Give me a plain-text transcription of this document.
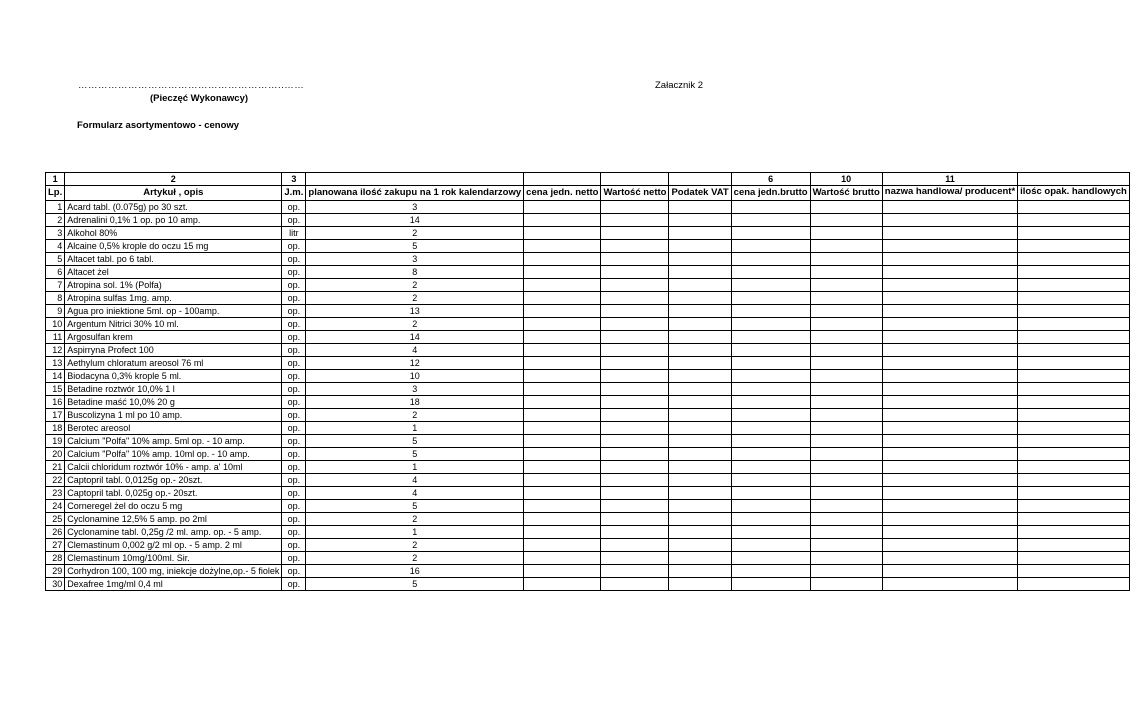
……………………………………………………..……
(Pieczęć Wykonawcy)
Załacznik 2
Formularz asortymentowo - cenowy
1	2	3					6	10	11	
Lp.	Artykuł , opis	J.m.	planowana ilość zakupu na 1 rok kalendarzowy	cena jedn. netto	Wartość netto	Podatek VAT	cena jedn.brutto	Wartość brutto	nazwa handlowa/ producent*	ilośc opak. handlowych
1	Acard tabl. (0.075g) po 30 szt.	op.	3							
2	Adrenalini 0,1% 1 op. po 10 amp.	op.	14							
3	Alkohol 80%	litr	2							
4	Alcaine 0,5% krople do oczu 15 mg	op.	5							
5	Altacet tabl. po 6 tabl.	op.	3							
6	Altacet żel	op.	8							
7	Atropina sol. 1% (Polfa)	op.	2							
8	Atropina sulfas 1mg. amp.	op.	2							
9	Agua pro iniektione 5ml. op - 100amp.	op.	13							
10	Argentum Nitrici 30% 10 ml.	op.	2							
11	Argosulfan krem	op.	14							
12	Aspirryna Profect 100	op.	4							
13	Aethylum chloratum areosol 76 ml	op.	12							
14	Biodacyna 0,3% krople 5 ml.	op.	10							
15	Betadine roztwór 10,0% 1 l	op.	3							
16	Betadine maść 10,0% 20 g	op.	18							
17	Buscolizyna 1 ml po 10 amp.	op.	2							
18	Berotec areosol	op.	1							
19	Calcium "Polfa" 10% amp. 5ml op. - 10 amp.	op.	5							
20	Calcium "Polfa" 10% amp. 10ml op. - 10 amp.	op.	5							
21	Calcii chloridum roztwór 10% - amp. a' 10ml	op.	1							
22	Captopril tabl. 0,0125g op.- 20szt.	op.	4							
23	Captopril tabl. 0,025g op.- 20szt.	op.	4							
24	Corneregel żel do oczu 5 mg	op.	5							
25	Cyclonamine 12,5% 5 amp. po 2ml	op.	2							
26	Cyclonamine tabl. 0,25g /2 ml. amp. op. - 5 amp.	op.	1							
27	Clemastinum 0,002 g/2 ml op. - 5 amp. 2 ml	op.	2							
28	Clemastinum 10mg/100ml. Sir.	op.	2							
29	Corhydron 100, 100 mg, iniekcje dożylne,op.- 5 fiolek	op.	16							
30	Dexafree 1mg/ml 0,4 ml	op.	5							
